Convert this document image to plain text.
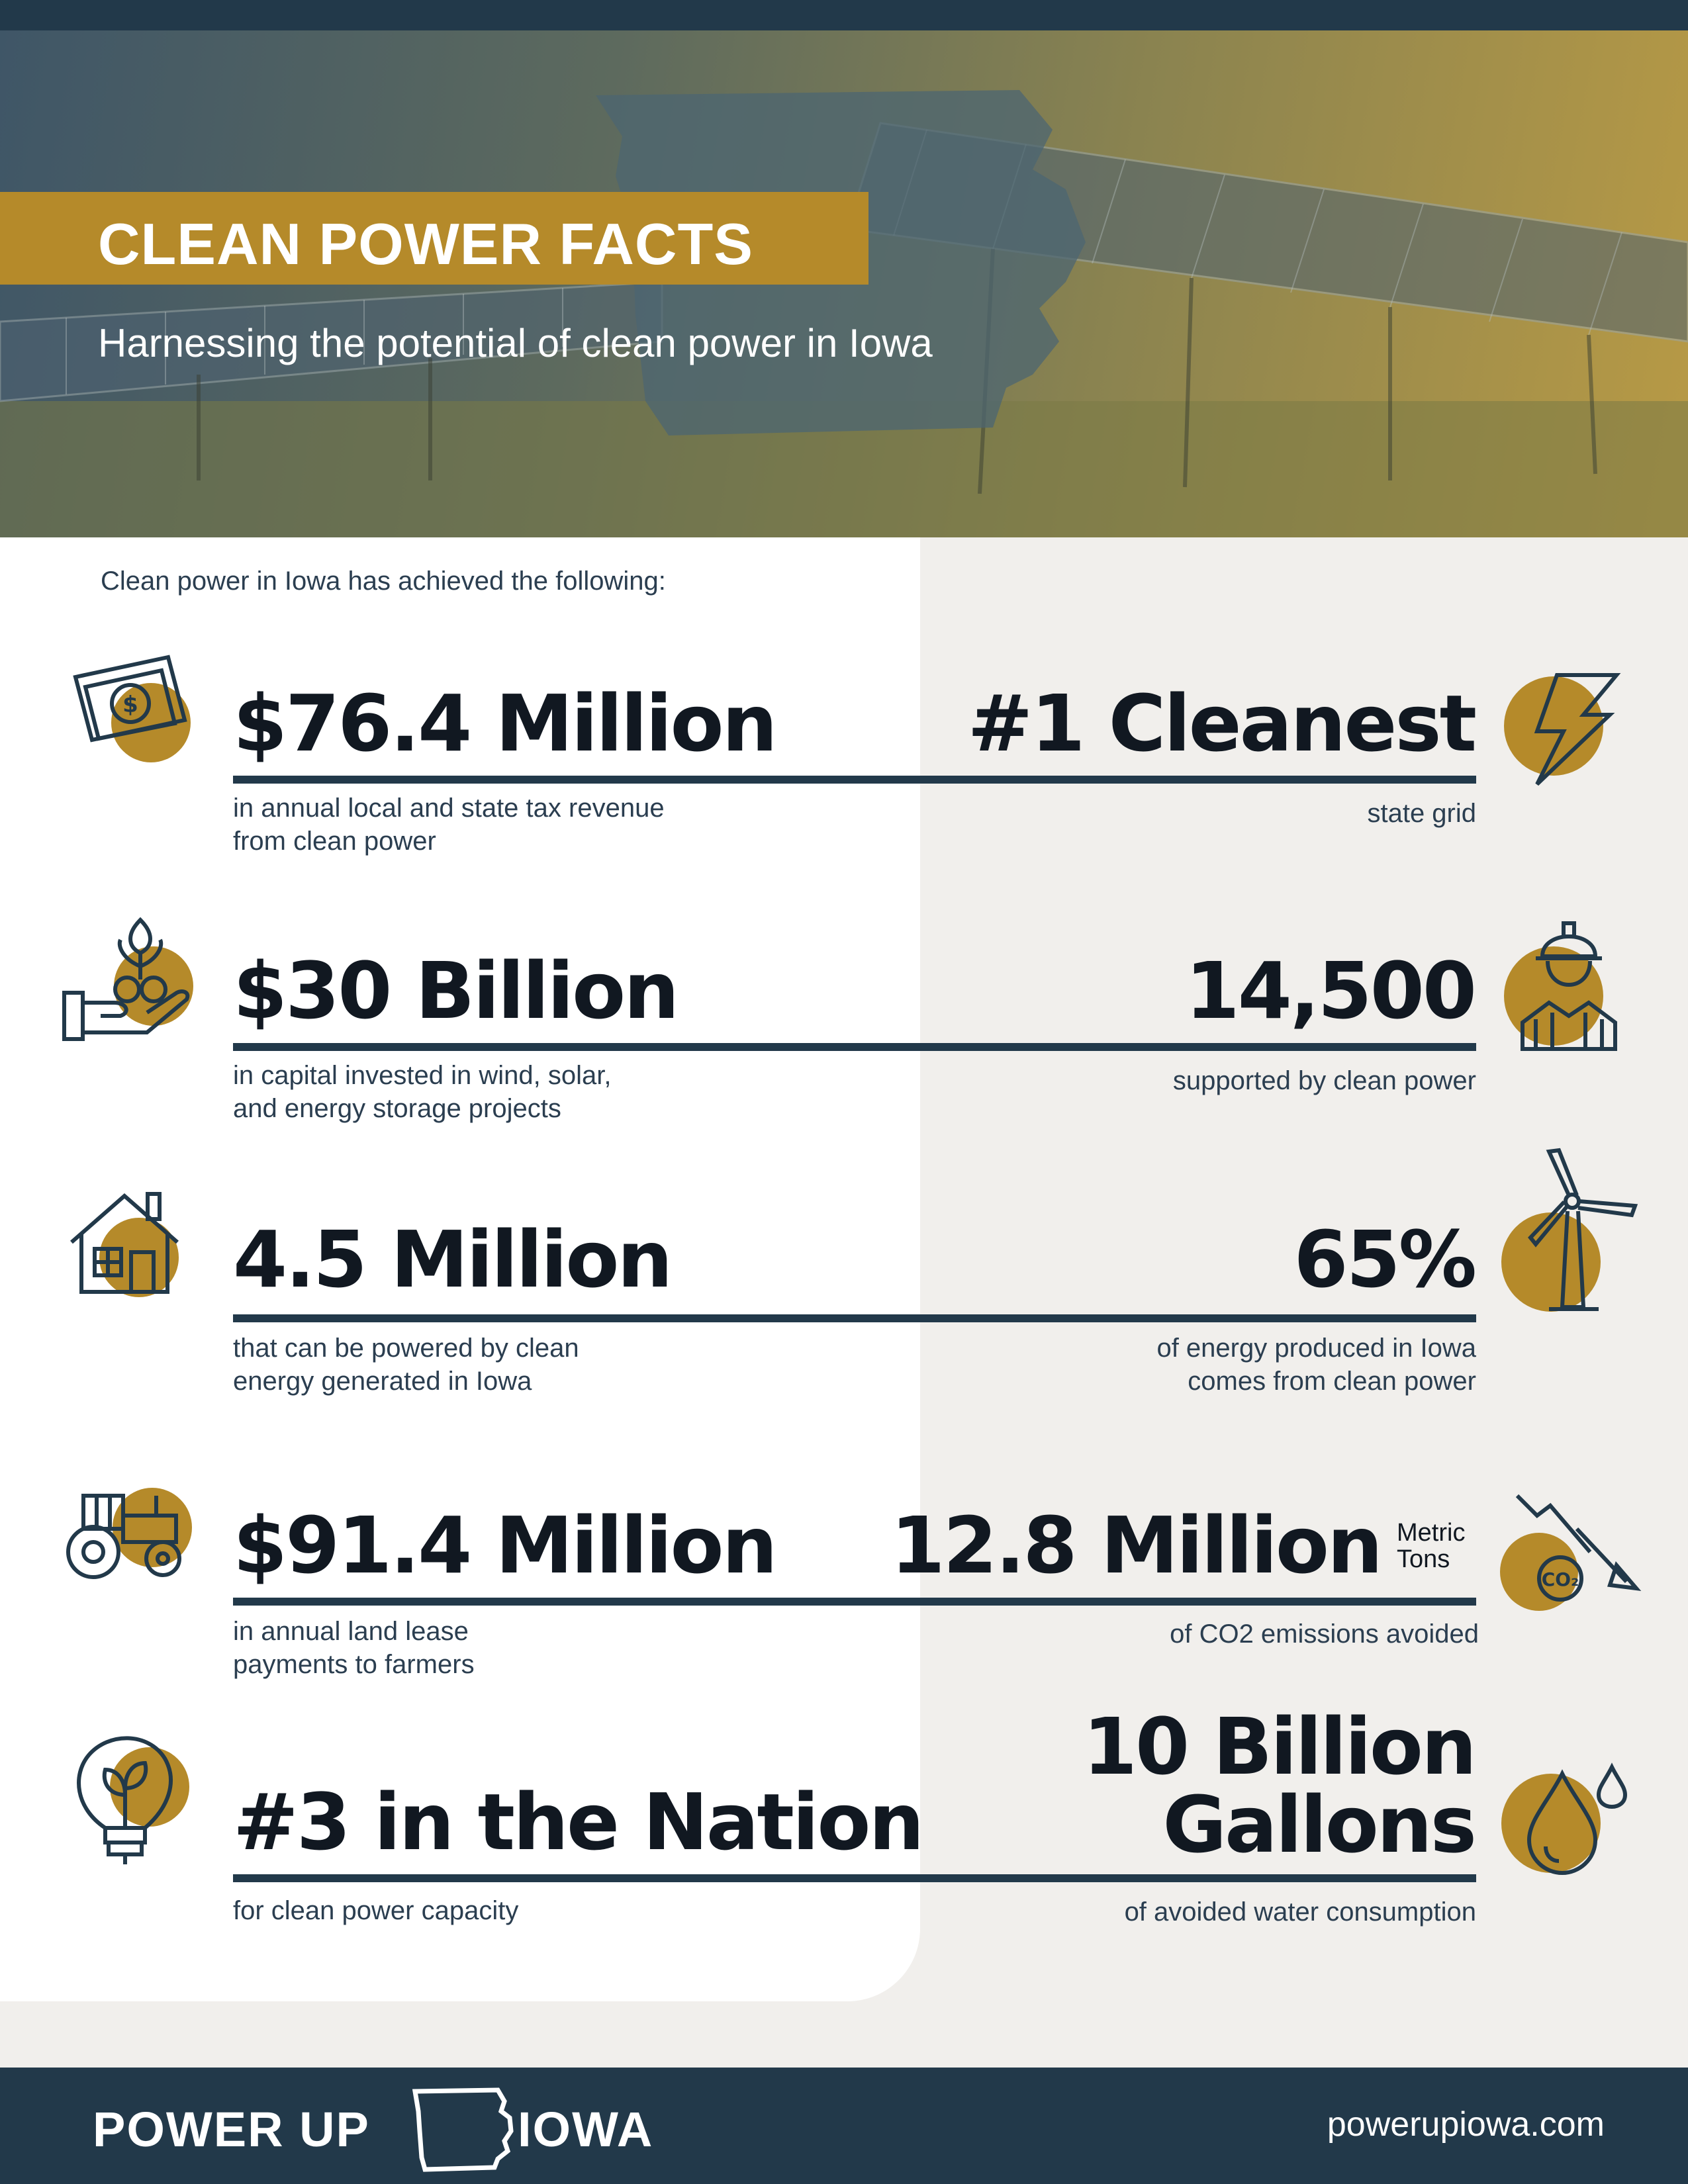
CLEAN POWER FACTS
Harnessing the potential of clean power in Iowa
Clean power in Iowa has achieved the following:
$ $76.4 Million
in annual local and state tax revenue
from clean power
#1 Cleanest
state grid
$30 Billion
in capital invested in wind, solar,
and energy storage projects
14,500
supported by clean power
4.5 Million
that can be powered by clean
energy generated in Iowa
65%
of energy produced in Iowa
comes from clean power
$91.4 Million
in annual land lease
payments to farmers
12.8 Million Metric
Tons
of CO2 emissions avoided
CO₂
#3 in the Nation
for clean power capacity
10 Billion
Gallons
of avoided water consumption
POWER UP	IOWA	powerupiowa.com
